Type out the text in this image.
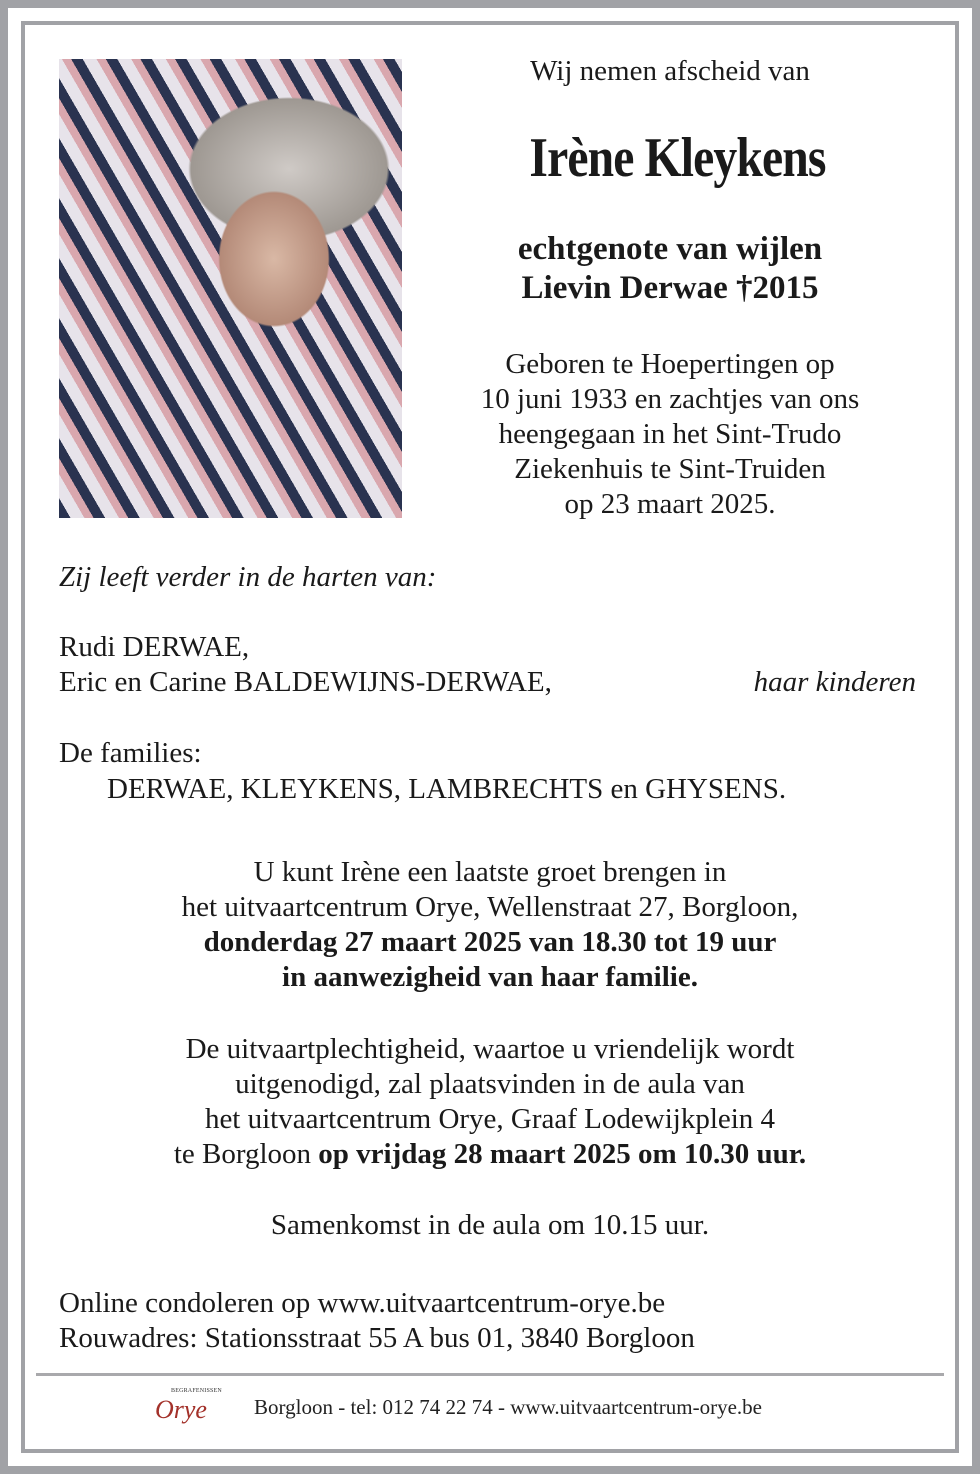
Wij nemen afscheid van
Irène Kleykens
echtgenote van wijlen
Lievin Derwae †2015
Geboren te Hoepertingen op
10 juni 1933 en zachtjes van ons
heengegaan in het Sint-Trudo
Ziekenhuis te Sint-Truiden
op 23 maart 2025.
Zij leeft verder in de harten van:
Rudi DERWAE,
Eric en Carine BALDEWIJNS-DERWAE,	haar kinderen
De families:
DERWAE, KLEYKENS, LAMBRECHTS en GHYSENS.
U kunt Irène een laatste groet brengen in
het uitvaartcentrum Orye, Wellenstraat 27, Borgloon,
donderdag 27 maart 2025 van 18.30 tot 19 uur
in aanwezigheid van haar familie.
De uitvaartplechtigheid, waartoe u vriendelijk wordt
uitgenodigd, zal plaatsvinden in de aula van
het uitvaartcentrum Orye, Graaf Lodewijkplein 4
te Borgloon op vrijdag 28 maart 2025 om 10.30 uur.
Samenkomst in de aula om 10.15 uur.
Online condoleren op www.uitvaartcentrum-orye.be
Rouwadres: Stationsstraat 55 A bus 01, 3840 Borgloon
BEGRAFENISSEN
Orye Borgloon - tel: 012 74 22 74 - www.uitvaartcentrum-orye.be
